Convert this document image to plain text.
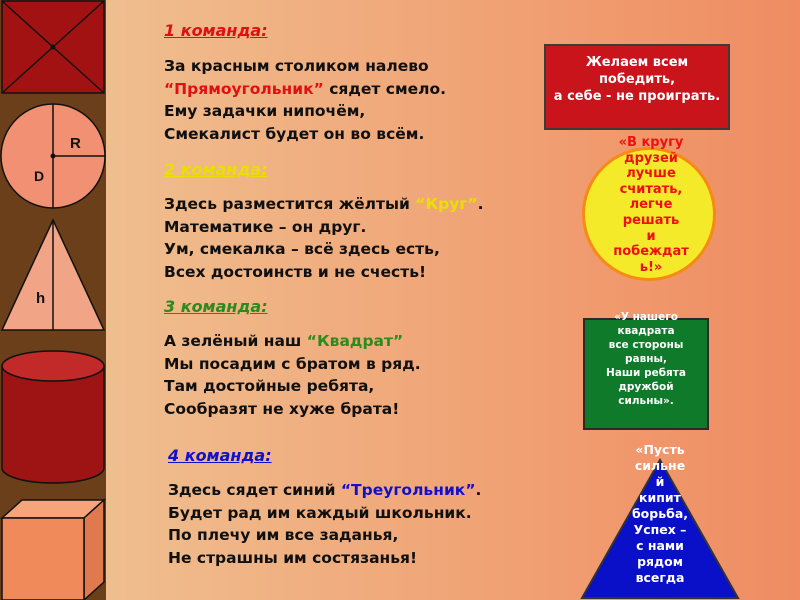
R
D
h
1 команда:
За красным столиком налево
“Прямоугольник” сядет смело.
Ему задачки нипочём,
Смекалист будет он во всём.
2 команда:
Здесь разместится жёлтый “Круг”.
Математике – он друг.
Ум, смекалка – всё здесь есть,
Всех достоинств и не счесть!
3 команда:
А зелёный наш “Квадрат”
Мы посадим с братом в ряд.
Там достойные ребята,
Сообразят не хуже брата!
4 команда:
Здесь сядет синий “Треугольник”.
Будет рад им каждый школьник.
По плечу им все заданья,
Не страшны им состязанья!
Желаем всем
победить,
а себе - не проиграть.
«В кругу
друзей
лучше
считать,
легче
решать
и
побеждат
ь!»
«У нашего
квадрата
все стороны
равны,
Наши ребята
дружбой
сильны».
«Пусть
сильне
й
кипит
борьба,
Успех –
с нами
рядом
всегда
